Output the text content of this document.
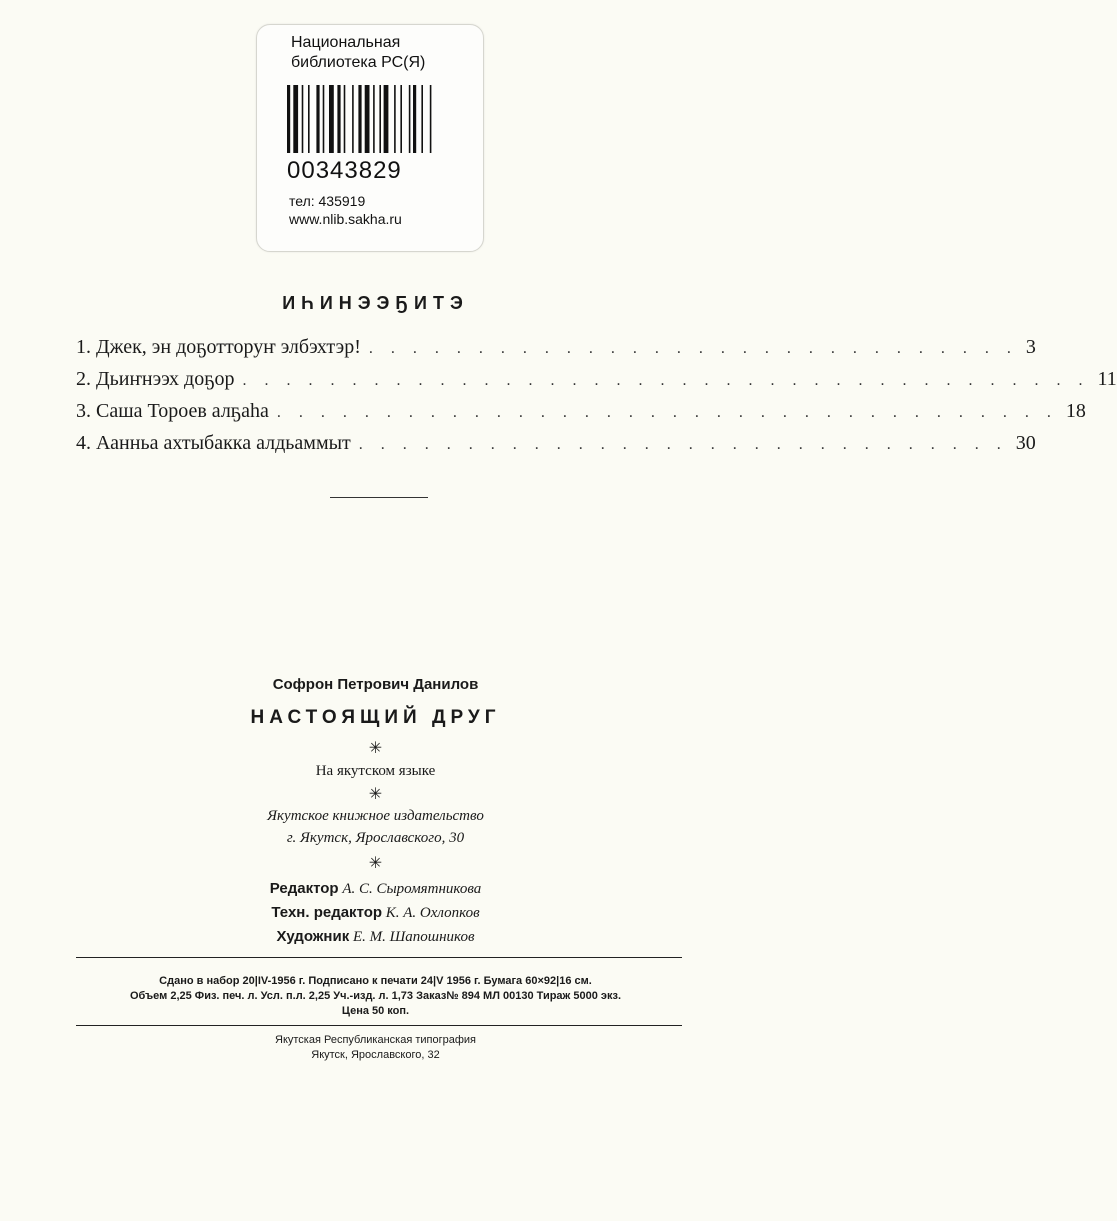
Национальная
библиотека РС(Я)
00343829
тел: 435919
www.nlib.sakha.ru
ИҺИНЭЭҔИТЭ
1. Джек, эн доҕотторуҥ элбэхтэр! . . . . . . . . . . . . . . . . . . . . . . . . . . . . . . 3
2. Дьиҥнээх доҕор . . . . . . . . . . . . . . . . . . . . . . . . . . . . . . . . . . . . . . . 11
3. Саша Тороев алҕаһа . . . . . . . . . . . . . . . . . . . . . . . . . . . . . . . . . . . . 18
4. Аанньа ахтыбакка алдьаммыт . . . . . . . . . . . . . . . . . . . . . . . . . . . . . . 30
Софрон Петрович Данилов
НАСТОЯЩИЙ ДРУГ
✳
На якутском языке
✳
Якутское книжное издательство
г. Якутск, Ярославского, 30
✳
Редактор А. С. Сыромятникова
Техн. редактор К. А. Охлопков
Художник Е. М. Шапошников
Сдано в набор 20|IV-1956 г. Подписано к печати 24|V 1956 г. Бумага 60×92|16 см.
Объем 2,25 Физ. печ. л. Усл. п.л. 2,25 Уч.-изд. л. 1,73 Заказ№ 894 МЛ 00130 Тираж 5000 экз.
Цена 50 коп.
Якутская Республиканская типография
Якутск, Ярославского, 32
